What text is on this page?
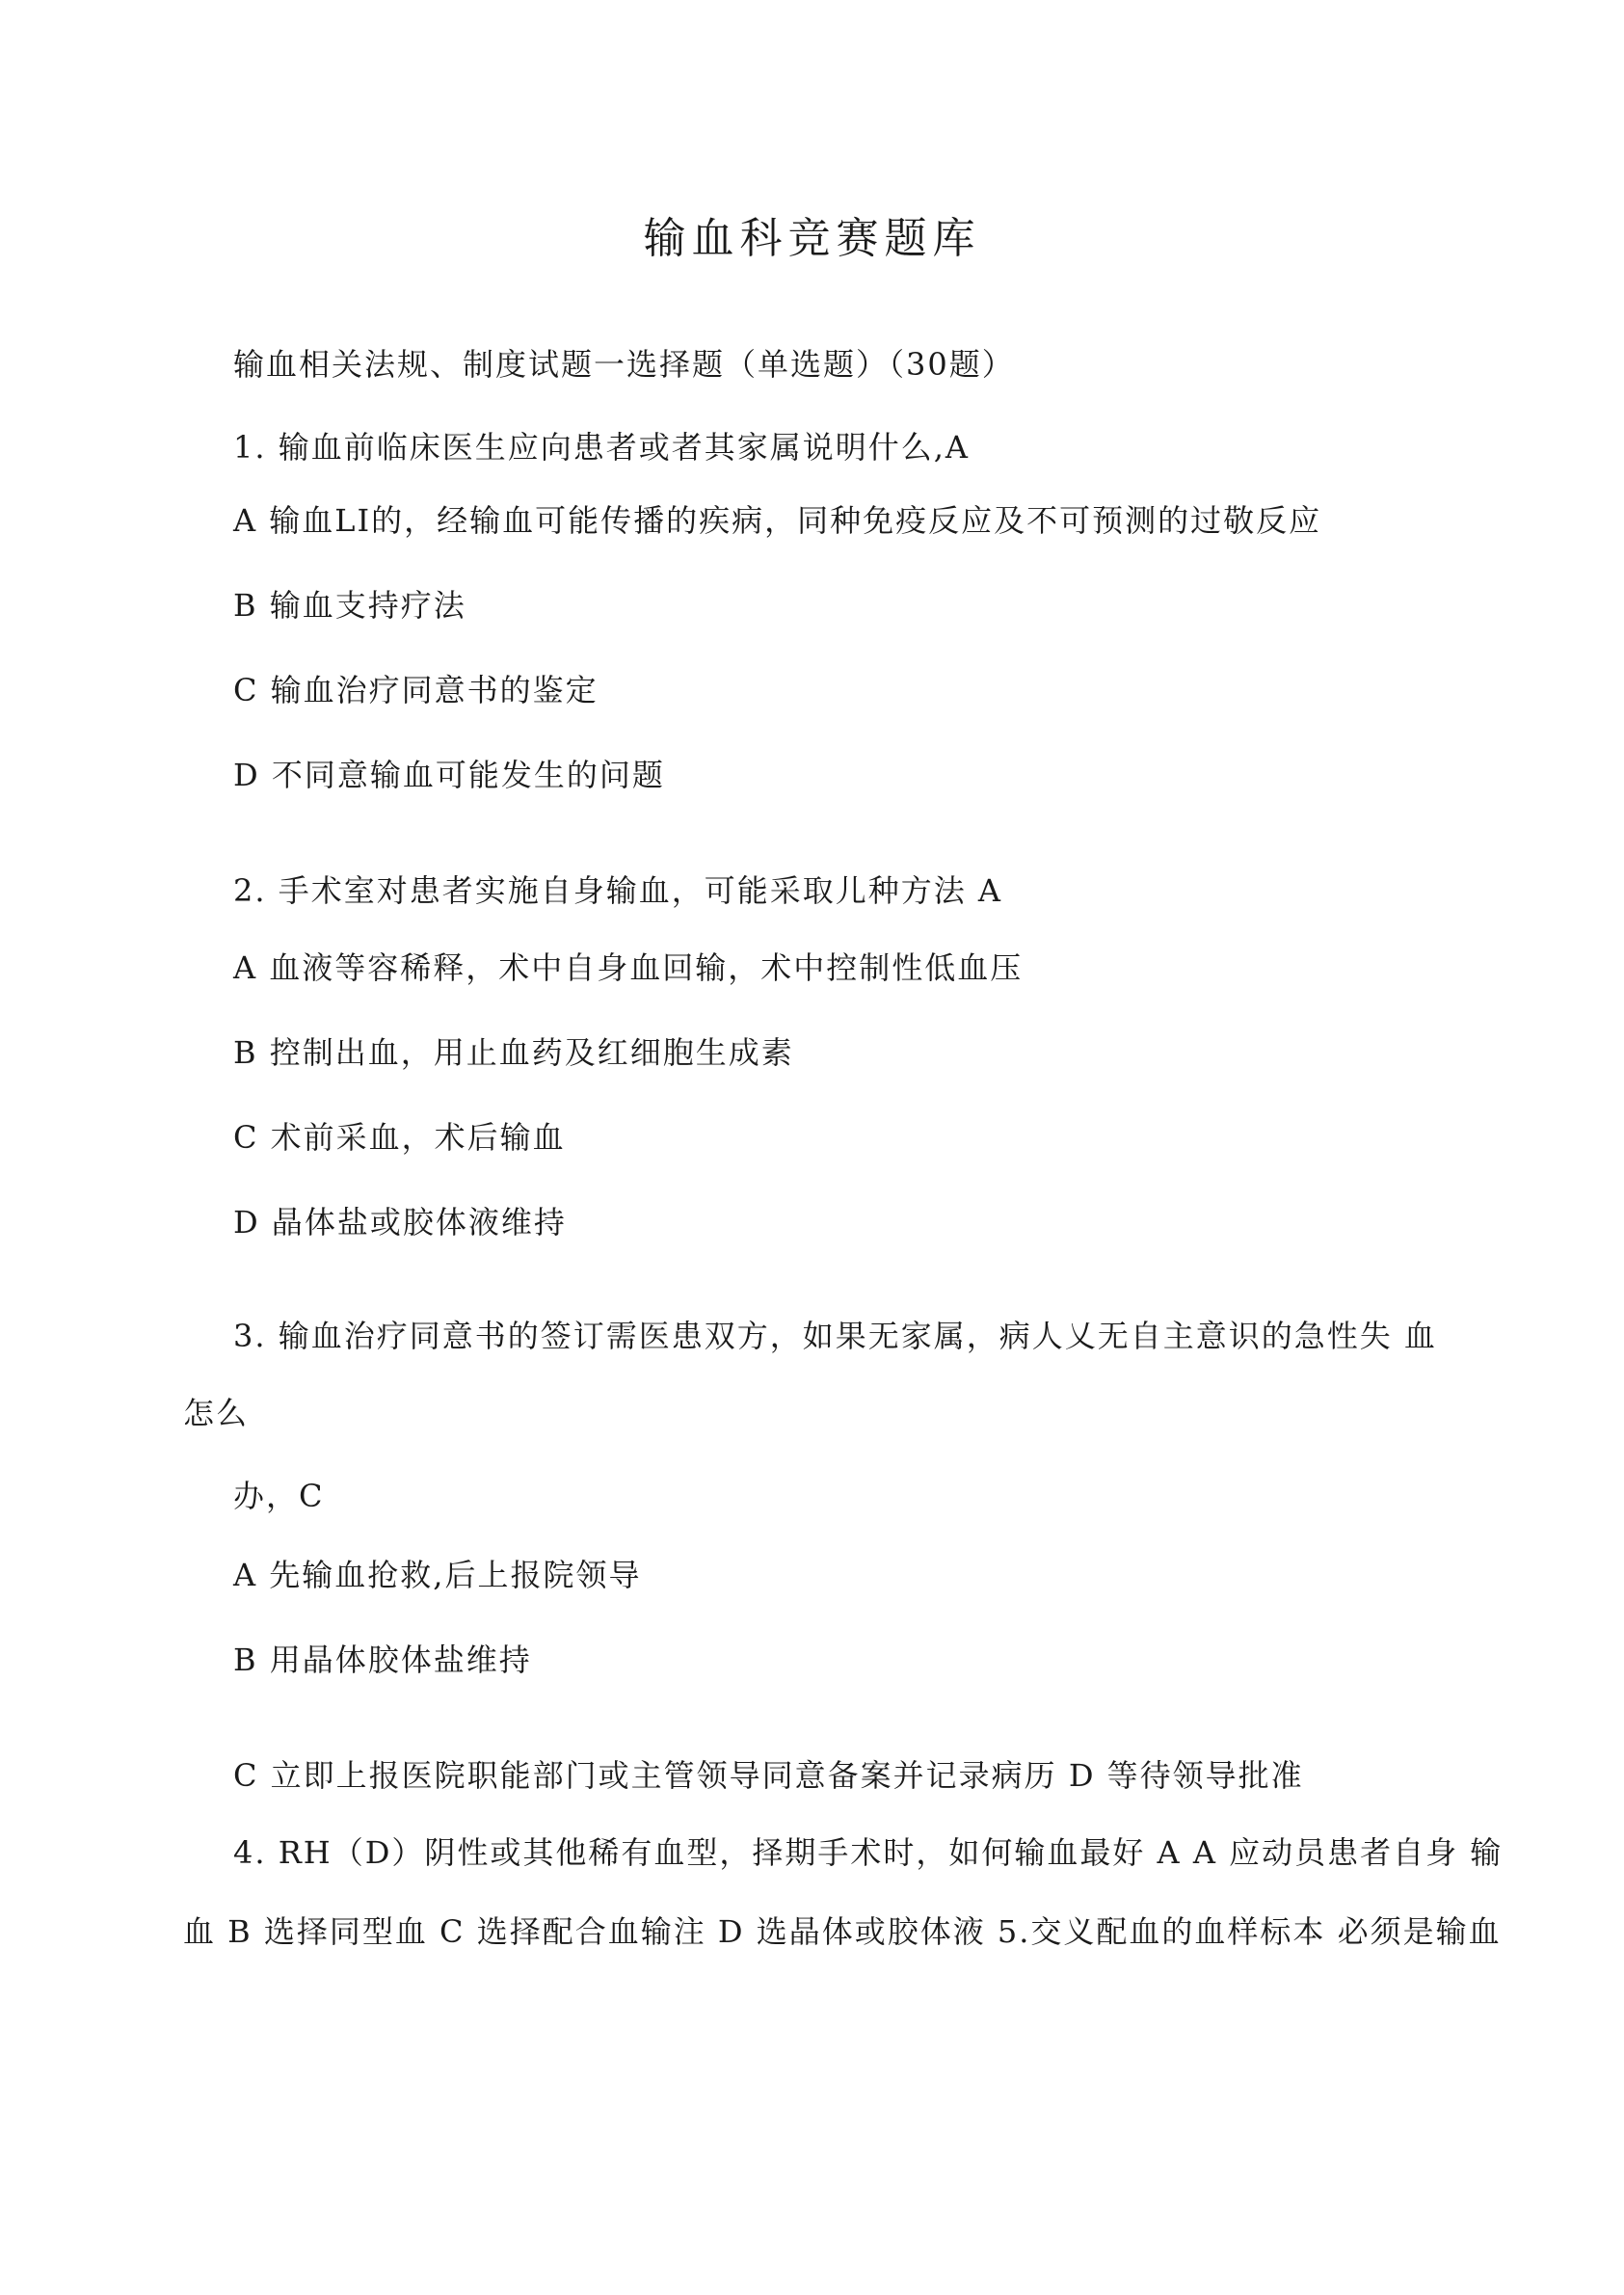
输血科竞赛题库
输血相关法规、制度试题一选择题（单选题）（30题）
1. 输血前临床医生应向患者或者其家属说明什么,A
A 输血LI的，经输血可能传播的疾病，同种免疫反应及不可预测的过敬反应
B 输血支持疗法
C 输血治疗同意书的鉴定
D 不同意输血可能发生的问题
2. 手术室对患者实施自身输血，可能采取儿种方法 A
A 血液等容稀释，术中自身血回输，术中控制性低血压
B 控制出血，用止血药及红细胞生成素
C 术前采血，术后输血
D 晶体盐或胶体液维持
3. 输血治疗同意书的签订需医患双方，如果无家属，病人乂无自主意识的急性失 血
怎么
办，C
A 先输血抢救,后上报院领导
B 用晶体胶体盐维持
C 立即上报医院职能部门或主管领导同意备案并记录病历 D 等待领导批准
4. RH（D）阴性或其他稀有血型，择期手术时，如何输血最好 A A 应动员患者自身 输
血 B 选择同型血 C 选择配合血输注 D 选晶体或胶体液 5.交义配血的血样标本 必须是输血
